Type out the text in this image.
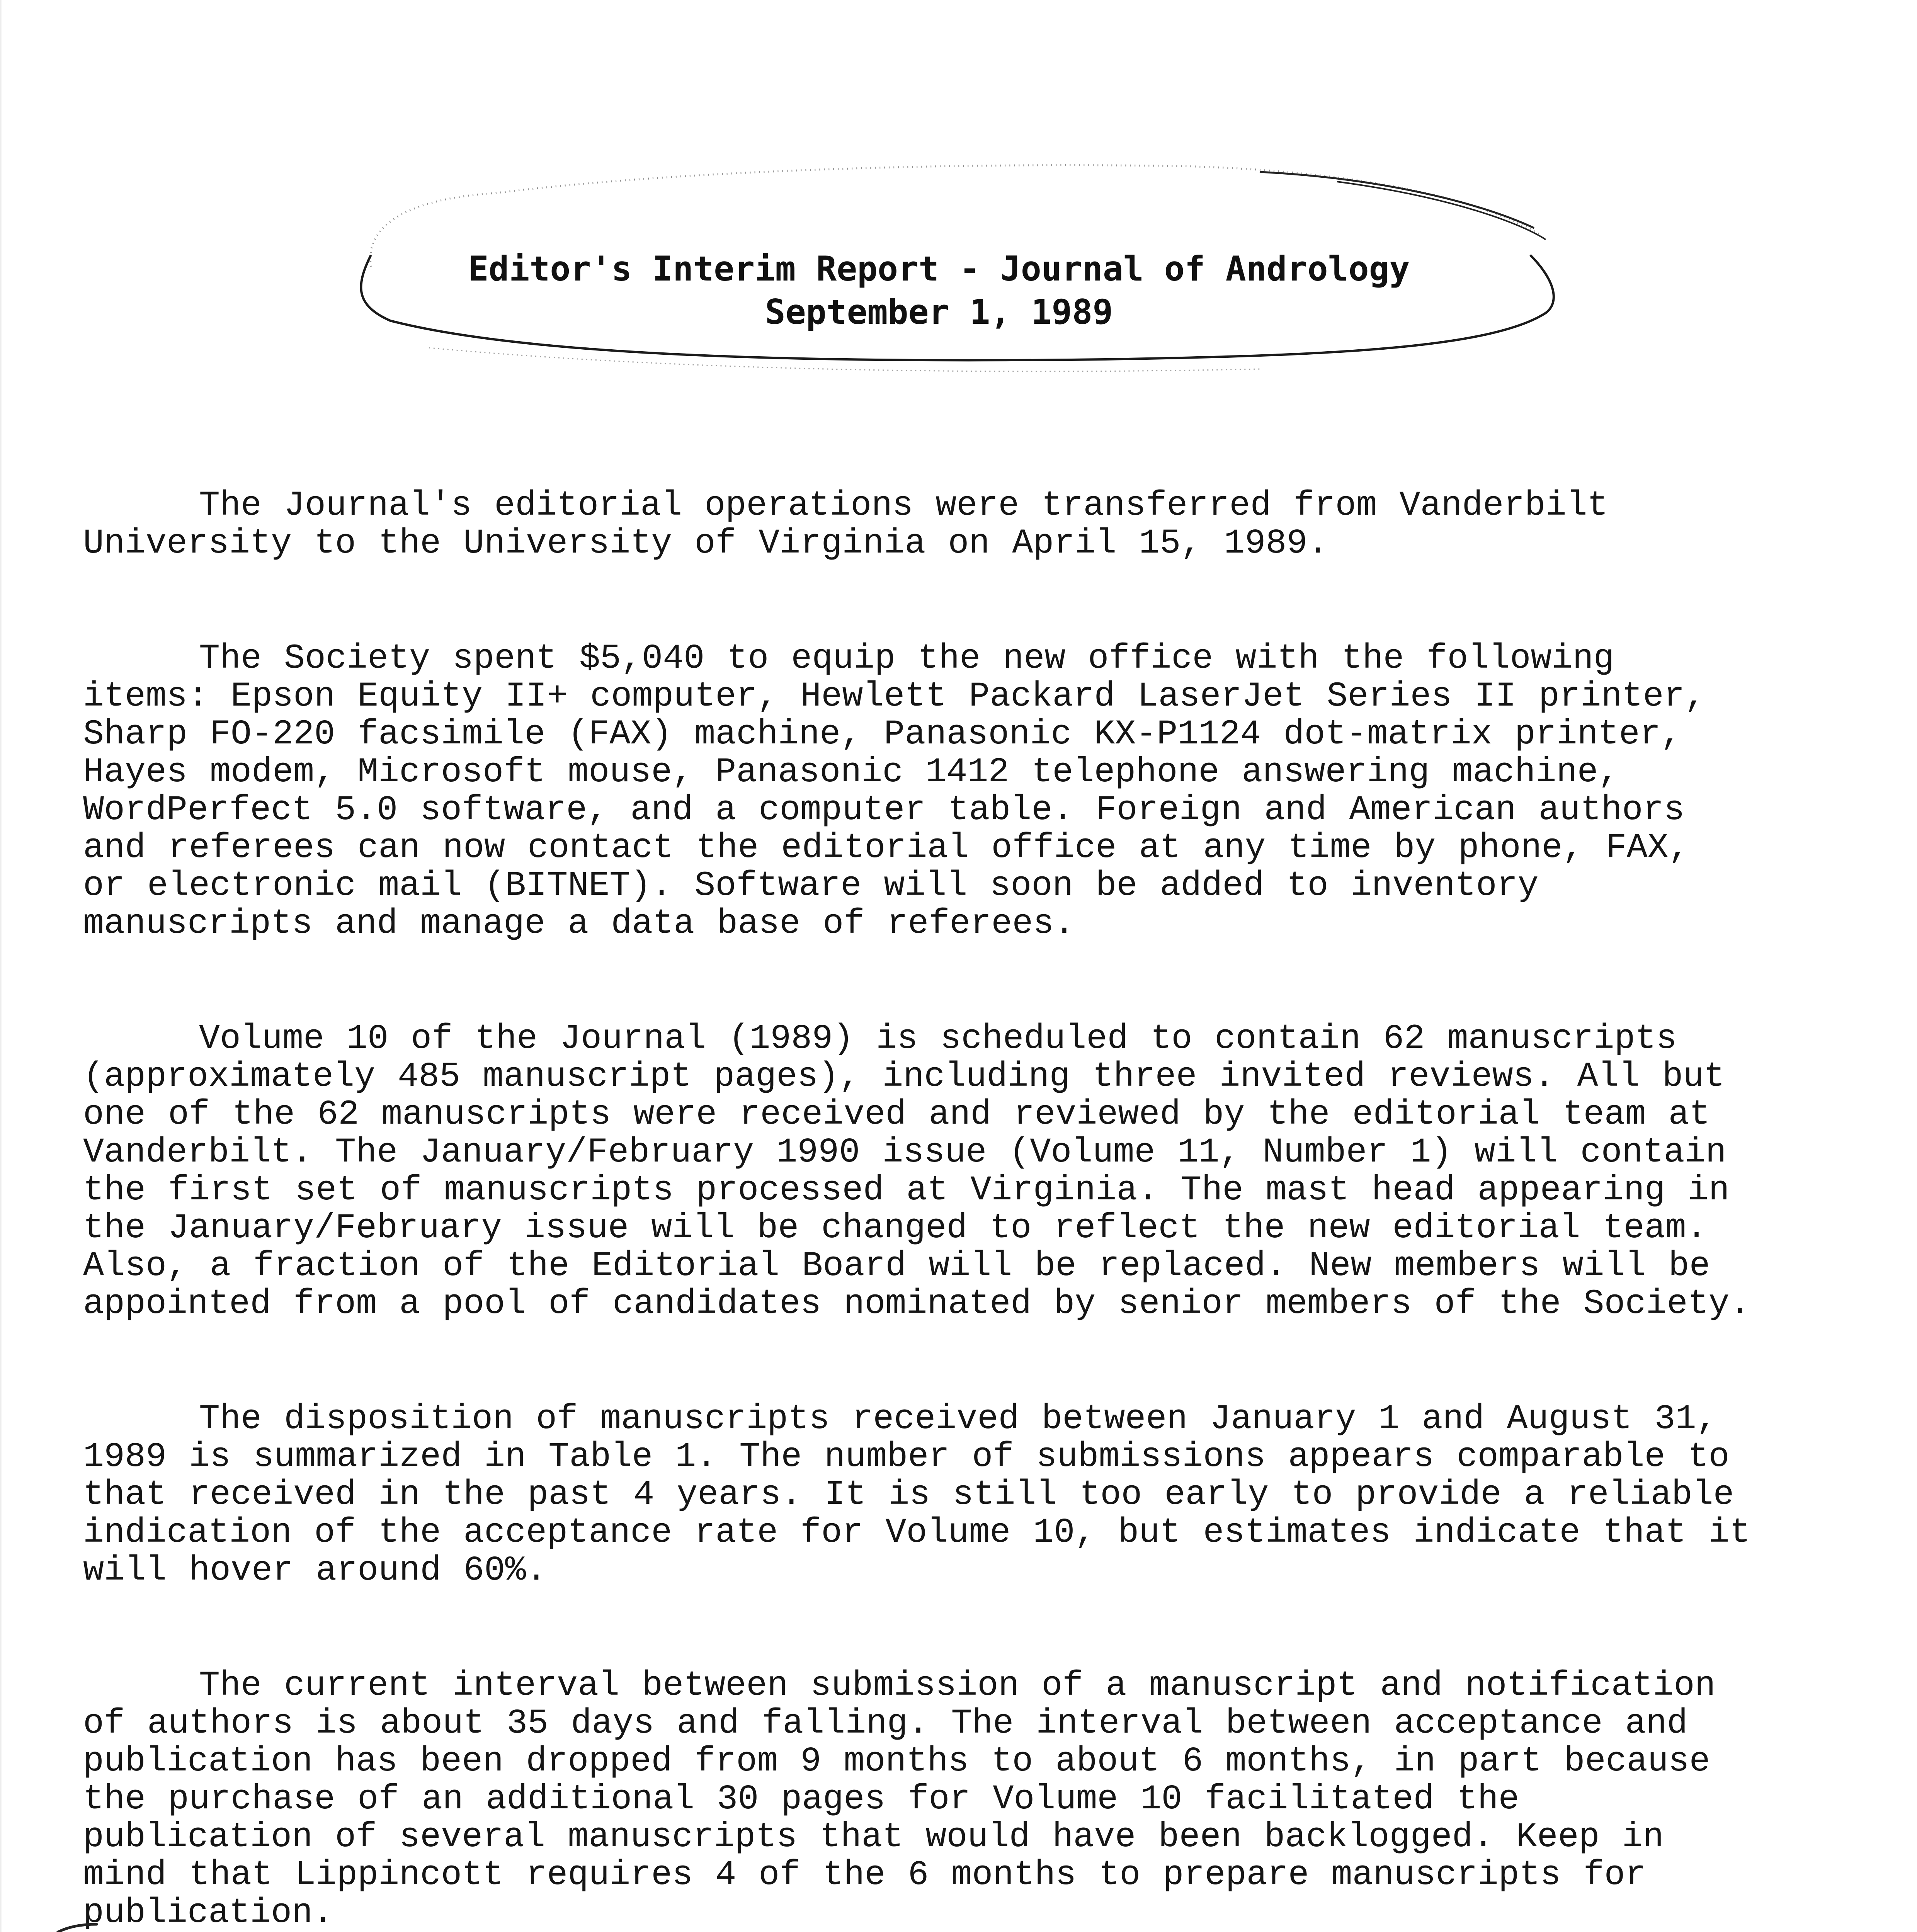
Editor's Interim Report - Journal of Andrology
September 1, 1989

The Journal's editorial operations were transferred from Vanderbilt University to the University of Virginia on April 15, 1989.

The Society spent $5,040 to equip the new office with the following items: Epson Equity II+ computer, Hewlett Packard LaserJet Series II printer, Sharp FO-220 facsimile (FAX) machine, Panasonic KX-P1124 dot-matrix printer, Hayes modem, Microsoft mouse, Panasonic 1412 telephone answering machine, WordPerfect 5.0 software, and a computer table. Foreign and American authors and referees can now contact the editorial office at any time by phone, FAX, or electronic mail (BITNET). Software will soon be added to inventory manuscripts and manage a data base of referees.

Volume 10 of the Journal (1989) is scheduled to contain 62 manuscripts (approximately 485 manuscript pages), including three invited reviews. All but one of the 62 manuscripts were received and reviewed by the editorial team at Vanderbilt. The January/February 1990 issue (Volume 11, Number 1) will contain the first set of manuscripts processed at Virginia. The mast head appearing in the January/February issue will be changed to reflect the new editorial team. Also, a fraction of the Editorial Board will be replaced. New members will be appointed from a pool of candidates nominated by senior members of the Society.

The disposition of manuscripts received between January 1 and August 31, 1989 is summarized in Table 1. The number of submissions appears comparable to that received in the past 4 years. It is still too early to provide a reliable indication of the acceptance rate for Volume 10, but estimates indicate that it will hover around 60%.

The current interval between submission of a manuscript and notification of authors is about 35 days and falling. The interval between acceptance and publication has been dropped from 9 months to about 6 months, in part because the purchase of an additional 30 pages for Volume 10 facilitated the publication of several manuscripts that would have been backlogged. Keep in mind that Lippincott requires 4 of the 6 months to prepare manuscripts for publication.
